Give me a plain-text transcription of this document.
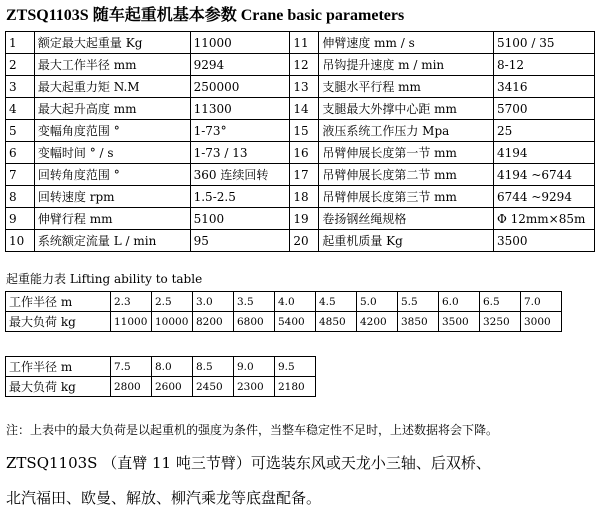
ZTSQ1103S 随车起重机基本参数 Crane basic parameters
1	额定最大起重量 Kg	11000	11	伸臂速度 mm / s	5100 / 35
2	最大工作半径 mm	9294	12	吊钩提升速度 m / min	8-12
3	最大起重力矩 N.M	250000	13	支腿水平行程 mm	3416
4	最大起升高度 mm	11300	14	支腿最大外撑中心距 mm	5700
5	变幅角度范围 °	1-73°	15	液压系统工作压力 Mpa	25
6	变幅时间 ° / s	1-73 / 13	16	吊臂伸展长度第一节 mm	4194
7	回转角度范围 °	360 连续回转	17	吊臂伸展长度第二节 mm	4194 ~6744
8	回转速度 rpm	1.5-2.5	18	吊臂伸展长度第三节 mm	6744 ~9294
9	伸臂行程 mm	5100	19	卷扬钢丝绳规格	Φ 12mm×85m
10	系统额定流量 L / min	95	20	起重机质量 Kg	3500
起重能力表 Lifting ability to table
工作半径 m	2.3	2.5	3.0	3.5	4.0	4.5	5.0	5.5	6.0	6.5	7.0
最大负荷 kg	11000	10000	8200	6800	5400	4850	4200	3850	3500	3250	3000
工作半径 m	7.5	8.0	8.5	9.0	9.5
最大负荷 kg	2800	2600	2450	2300	2180
注：上表中的最大负荷是以起重机的强度为条件，当整车稳定性不足时，上述数据将会下降。
ZTSQ1103S （直臂 11 吨三节臂）可选装东风或天龙小三轴、后双桥、
北汽福田、欧曼、解放、柳汽乘龙等底盘配备。
